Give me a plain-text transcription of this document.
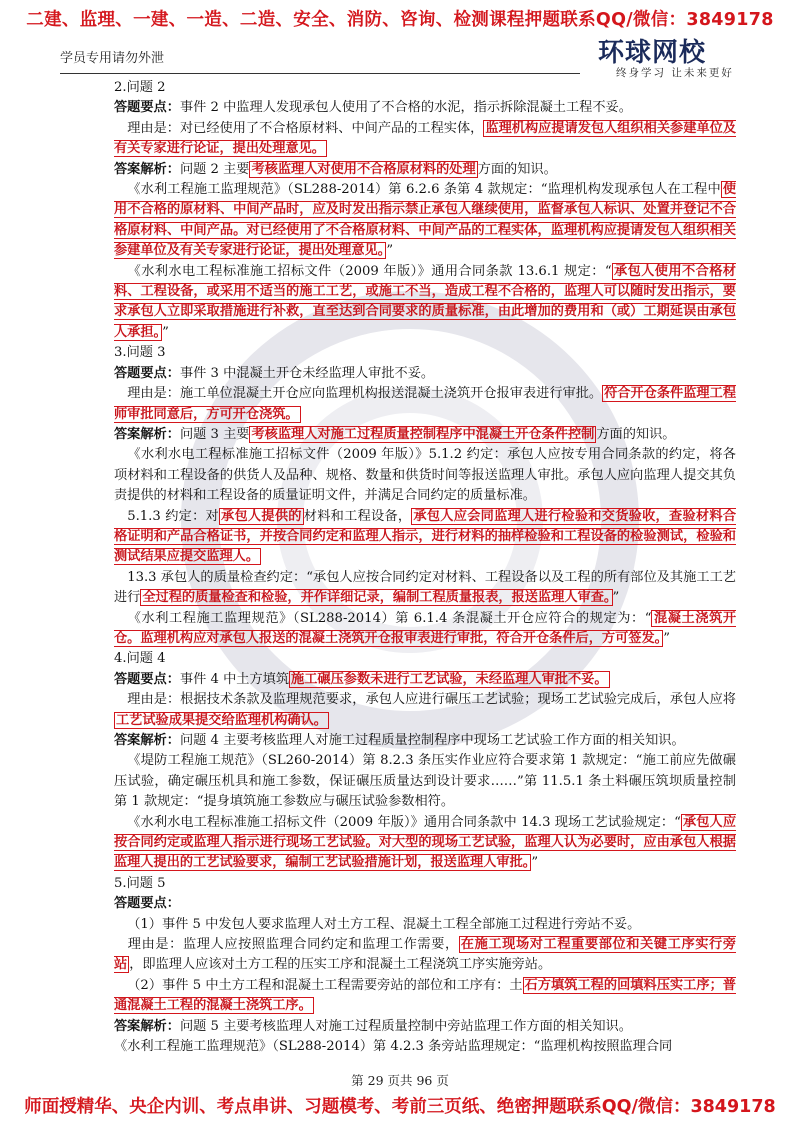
二建、监理、一建、一造、二造、安全、消防、咨询、检测课程押题联系QQ/微信：3849178
学员专用请勿外泄	环球网校
终身学习 让未来更好

2.问题 2

答题要点：事件 2 中监理人发现承包人使用了不合格的水泥，指示拆除混凝土工程不妥。

 理由是：对已经使用了不合格原材料、中间产品的工程实体， 监理机构应提请发包人组织相关参建单位及有关专家进行论证，提出处理意见。

答案解析：问题 2 主要 考核监理人对使用不合格原材料的处理 方面的知识。

 《水利工程施工监理规范》（SL288-2014）第 6.2.6 条第 4 款规定：“监理机构发现承包人在工程中 使用不合格的原材料、中间产品时，应及时发出指示禁止承包人继续使用，监督承包人标识、处置并登记不合格原材料、中间产品。对已经使用了不合格原材料、中间产品的工程实体，监理机构应提请发包人组织相关参建单位及有关专家进行论证，提出处理意见。 ”

 《水利水电工程标准施工招标文件（2009 年版）》通用合同条款 13.6.1 规定：“ 承包人使用不合格材料、工程设备，或采用不适当的施工工艺，或施工不当，造成工程不合格的，监理人可以随时发出指示，要求承包人立即采取措施进行补救，直至达到合同要求的质量标准，由此增加的费用和（或）工期延误由承包人承担。 ”

3.问题 3

答题要点：事件 3 中混凝土开仓未经监理人审批不妥。

 理由是：施工单位混凝土开仓应向监理机构报送混凝土浇筑开仓报审表进行审批。 符合开仓条件监理工程师审批同意后，方可开仓浇筑。

答案解析：问题 3 主要 考核监理人对施工过程质量控制程序中混凝土开仓条件控制 方面的知识。

 《水利水电工程标准施工招标文件（2009 年版）》5.1.2 约定：承包人应按专用合同条款的约定，将各项材料和工程设备的供货人及品种、规格、数量和供货时间等报送监理人审批。承包人应向监理人提交其负责提供的材料和工程设备的质量证明文件，并满足合同约定的质量标准。

 5.1.3 约定：对 承包人提供的 材料和工程设备， 承包人应会同监理人进行检验和交货验收，查验材料合格证明和产品合格证书，并按合同约定和监理人指示，进行材料的抽样检验和工程设备的检验测试，检验和测试结果应提交监理人。

 13.3 承包人的质量检查约定：“承包人应按合同约定对材料、工程设备以及工程的所有部位及其施工工艺进行 全过程的质量检查和检验，并作详细记录，编制工程质量报表，报送监理人审查。 ”

 《水利工程施工监理规范》（SL288-2014）第 6.1.4 条混凝土开仓应符合的规定为：“ 混凝土浇筑开仓。监理机构应对承包人报送的混凝土浇筑开仓报审表进行审批，符合开仓条件后，方可签发。 ”

4.问题 4

答题要点：事件 4 中土方填筑 施工碾压参数未进行工艺试验，未经监理人审批不妥。

 理由是：根据技术条款及监理规范要求，承包人应进行碾压工艺试验；现场工艺试验完成后，承包人应将工艺试验成果提交给监理机构确认。

答案解析：问题 4 主要考核监理人对施工过程质量控制程序中现场工艺试验工作方面的相关知识。

 《堤防工程施工规范》（SL260-2014）第 8.2.3 条压实作业应符合要求第 1 款规定：“施工前应先做碾压试验，确定碾压机具和施工参数，保证碾压质量达到设计要求……”第 11.5.1 条土料碾压筑坝质量控制第 1 款规定：“提身填筑施工参数应与碾压试验参数相符。

 《水利水电工程标准施工招标文件（2009 年版）》通用合同条款中 14.3 现场工艺试验规定：“ 承包人应按合同约定或监理人指示进行现场工艺试验。对大型的现场工艺试验，监理人认为必要时，应由承包人根据监理人提出的工艺试验要求，编制工艺试验措施计划，报送监理人审批。 ”

5.问题 5

答题要点：

 （1）事件 5 中发包人要求监理人对土方工程、混凝土工程全部施工过程进行旁站不妥。

 理由是：监理人应按照监理合同约定和监理工作需要， 在施工现场对工程重要部位和关键工序实行旁站 ，即监理人应该对土方工程的压实工序和混凝土工程浇筑工序实施旁站。

 （2）事件 5 中土方工程和混凝土工程需要旁站的部位和工序有：土 石方填筑工程的回填料压实工序；普通混凝土工程的混凝土浇筑工序。

答案解析：问题 5 主要考核监理人对施工过程质量控制中旁站监理工作方面的相关知识。

《水利工程施工监理规范》（SL288-2014）第 4.2.3 条旁站监理规定：“监理机构按照监理合同

第 29 页共 96 页
师面授精华、央企内训、考点串讲、习题模考、考前三页纸、绝密押题联系QQ/微信：3849178
